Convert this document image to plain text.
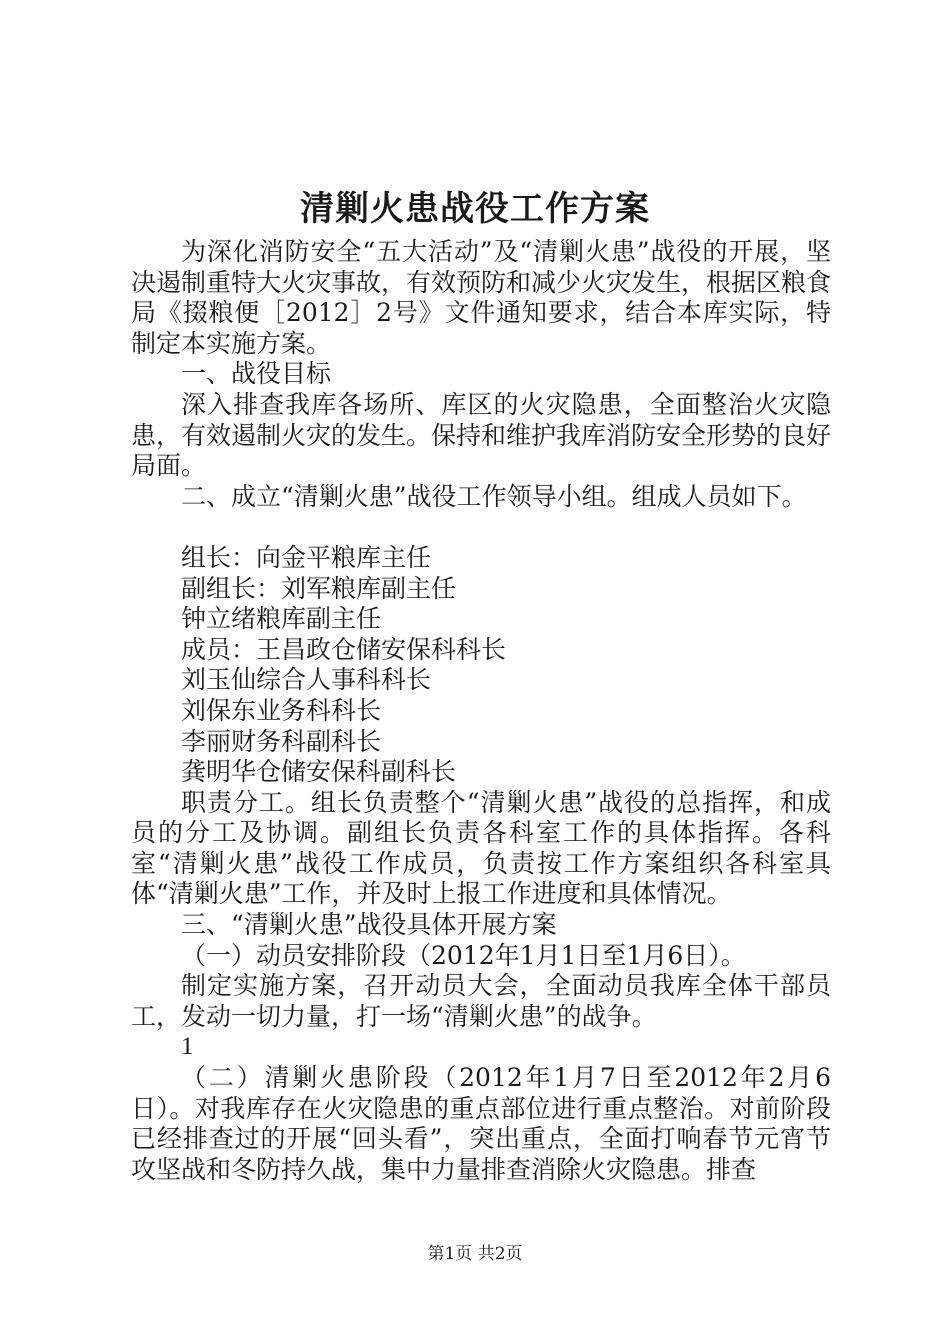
清剿火患战役工作方案

为深化消防安全“五大活动”及“清剿火患”战役的开展，坚决遏制重特大火灾事故，有效预防和减少火灾发生，根据区粮食局《掇粮便［2012］2号》文件通知要求，结合本库实际，特制定本实施方案。

一、战役目标

深入排查我库各场所、库区的火灾隐患，全面整治火灾隐患，有效遏制火灾的发生。保持和维护我库消防安全形势的良好局面。

二、成立“清剿火患”战役工作领导小组。组成人员如下。

组长：向金平粮库主任

副组长：刘军粮库副主任

钟立绪粮库副主任

成员：王昌政仓储安保科科长

刘玉仙综合人事科科长

刘保东业务科科长

李丽财务科副科长

龚明华仓储安保科副科长

职责分工。组长负责整个“清剿火患”战役的总指挥，和成员的分工及协调。副组长负责各科室工作的具体指挥。各科室“清剿火患”战役工作成员，负责按工作方案组织各科室具体“清剿火患”工作，并及时上报工作进度和具体情况。

三、“清剿火患”战役具体开展方案

（一）动员安排阶段（2012年1月1日至1月6日）。

制定实施方案，召开动员大会，全面动员我库全体干部员工，发动一切力量，打一场“清剿火患”的战争。

1

（二）清剿火患阶段（2012年1月7日至2012年2月6日）。对我库存在火灾隐患的重点部位进行重点整治。对前阶段已经排查过的开展“回头看”，突出重点，全面打响春节元宵节攻坚战和冬防持久战，集中力量排查消除火灾隐患。排查

第1页 共2页
